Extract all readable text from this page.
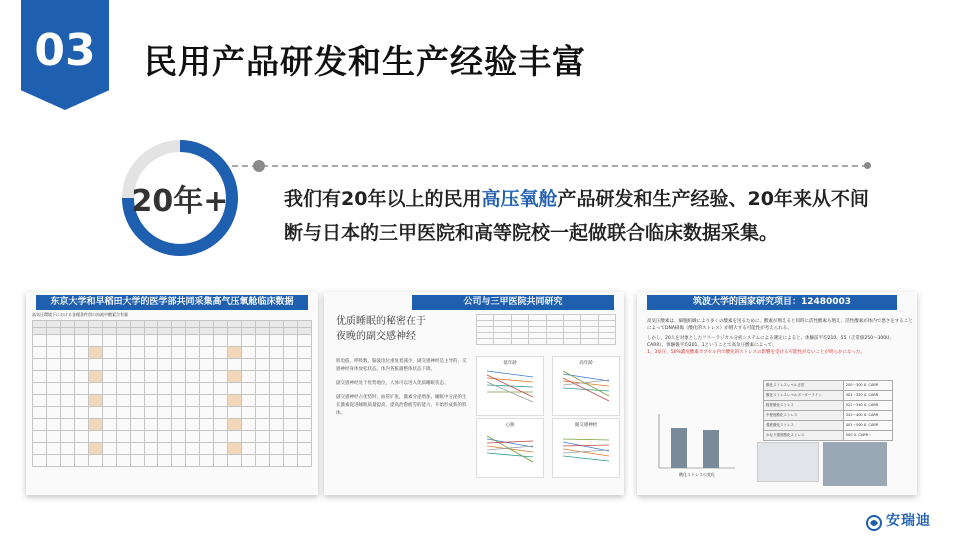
03	民用产品研发和生产经验丰富
20年+	我们有20年以上的民用高压氧舱产品研发和生产经验、20年来从不间断与日本的三甲医院和高等院校一起做联合临床数据采集。
东京大学和早稻田大学的医学部共同采集高气压氧舱临床数据
高気圧環境下における各種条件別の血液中酸素含有量

公司与三甲医院共同研究
优质睡眠的秘密在于
夜晚的副交感神经
肌电值、呼吸数、脑波电位重复着减少，副交感神经是主导的，交感神经身体放松状态，体内各脏器整体状态下降。
副交感神经处于优势地位，人体可以进入优质睡眠状态。
副交感神经占优势时，血管扩张，激素分泌增加，睡眠中分泌的生长激素促进睡眠质量提高，提高治愈疲劳的能力，开始形成新的机体。

低年龄	高年龄
心肺	副交感神经
筑波大学的国家研究项目：12480003
高気圧酸素は、細胞組織により多くの酸素を送るために、酸素が増えると同時に活性酸素も増え、活性酸素が体内で悪さをすることによってDNA損傷（酸化的ストレス）が増大する可能性が考えられる。
しかし、20人を対象としたフリーラジカル分析システムによる測定によると、体験前平均210、55（正常値250〜300U、CARR）、体験後平均201、1ということで高気圧酸素によって、
1、3気圧、50%濃度酸素カプセル内で酸化的ストレスの影響を受ける可能性がないことが明らかになった。
酸化ストレスの変化
酸化ストレスレベル正常	200〜300 U. CARR
酸化ストレスレベルボーダーライン	301〜320 U. CARR
軽度酸化ストレス	321〜340 U. CARR
中程度酸化ストレス	341〜400 U. CARR
強度酸化ストレス	401〜500 U. CARR
かなり強度酸化ストレス	500 U. CARR〜
安瑞迪
